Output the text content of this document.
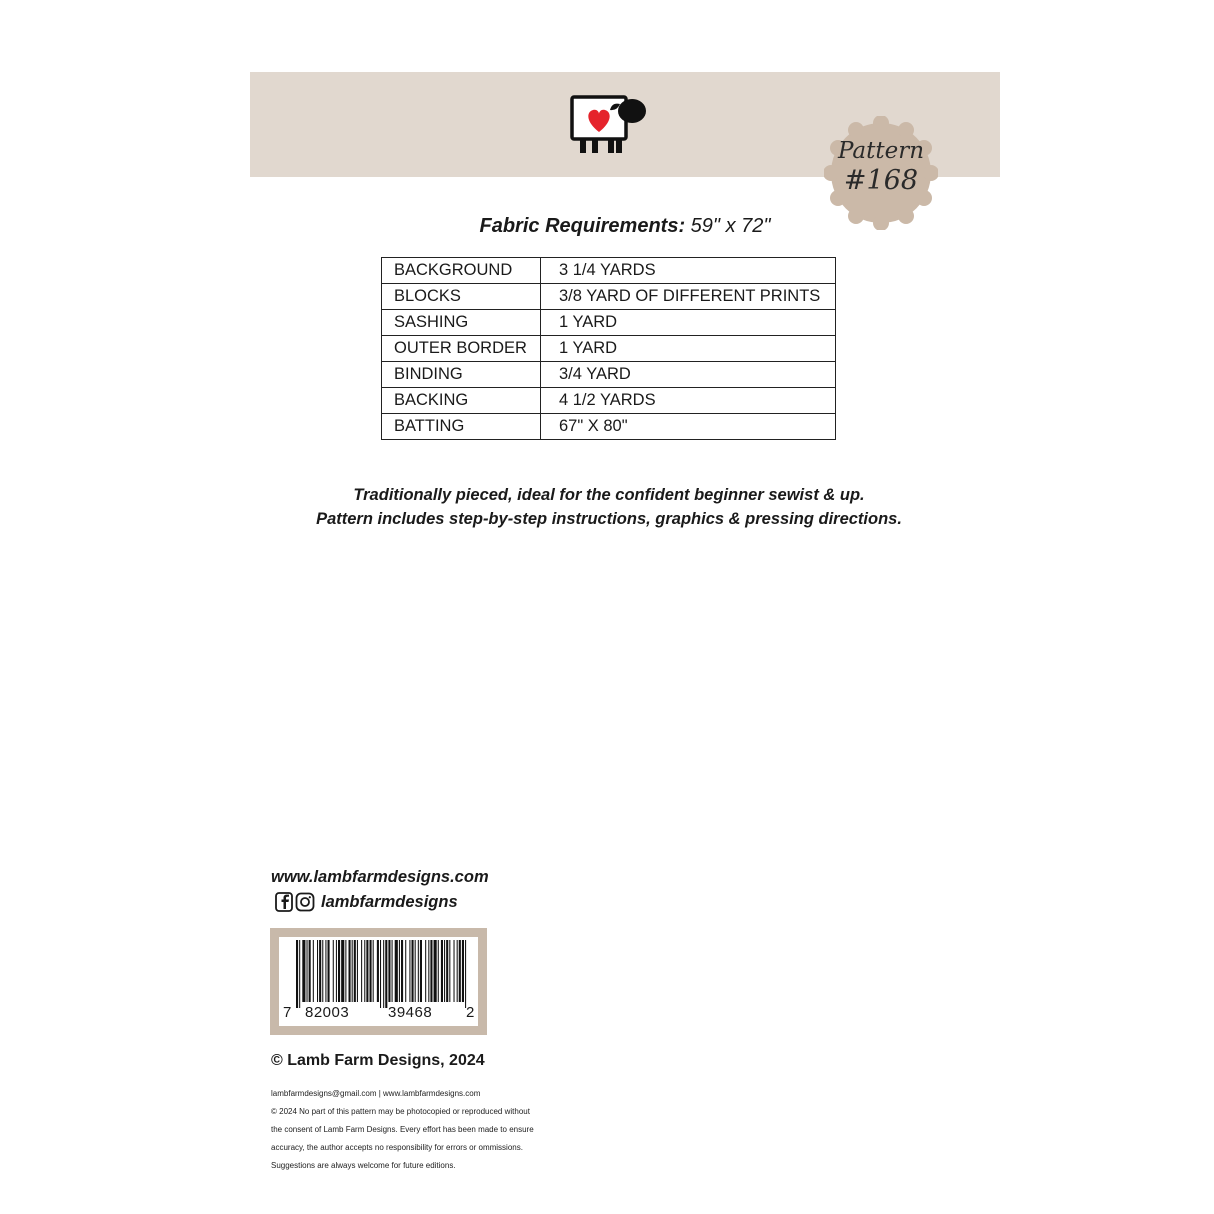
Pattern
#168
Fabric Requirements: 59" x 72"
BACKGROUND	3 1/4 YARDS
BLOCKS	3/8 YARD OF DIFFERENT PRINTS
SASHING	1 YARD
OUTER BORDER	1 YARD
BINDING	3/4 YARD
BACKING	4 1/2 YARDS
BATTING	67" X 80"
Traditionally pieced, ideal for the confident beginner sewist & up.
Pattern includes step-by-step instructions, graphics & pressing directions.
www.lambfarmdesigns.com
lambfarmdesigns
7 82003	39468 2
© Lamb Farm Designs, 2024
lambfarmdesigns@gmail.com | www.lambfarmdesigns.com
© 2024 No part of this pattern may be photocopied or reproduced without
the consent of Lamb Farm Designs. Every effort has been made to ensure
accuracy, the author accepts no responsibility for errors or ommissions.
Suggestions are always welcome for future editions.
